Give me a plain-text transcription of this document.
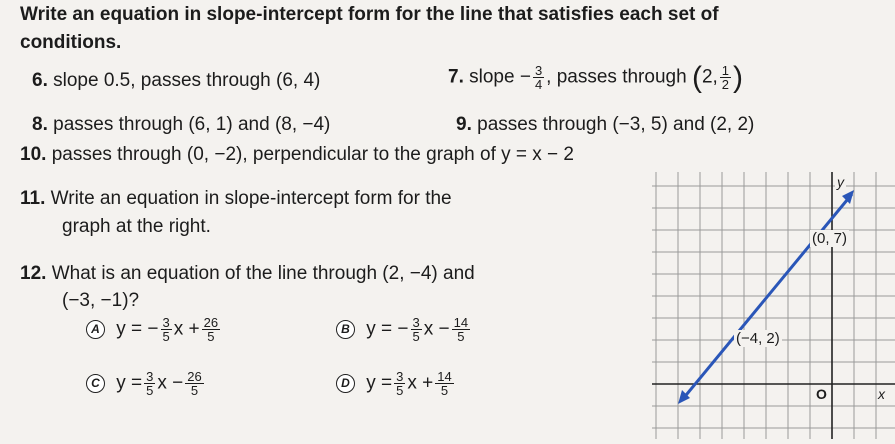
Write an equation in slope-intercept form for the line that satisfies each set of
conditions.
6. slope 0.5, passes through (6, 4)	7. slope − $\frac{3}{4}$ , passes through (2, $\frac{1}{2}$ )
8. passes through (6, 1) and (8, −4)	9. passes through (−3, 5) and (2, 2)
10. passes through (0, −2), perpendicular to the graph of y = x − 2
11. Write an equation in slope-intercept form for the
graph at the right.
12. What is an equation of the line through (2, −4) and
(−3, −1)?
A y = − $\frac{3}{5}$ $x + \frac{26}{5}$	B y = − $\frac{3}{5}$ $x - \frac{14}{5}$
C $y = \frac{3}{5}$ $x - \frac{26}{5}$	D $y = \frac{3}{5}$ $x + \frac{14}{5}$
(0, 7)
(−4, 2)
y
x
O
